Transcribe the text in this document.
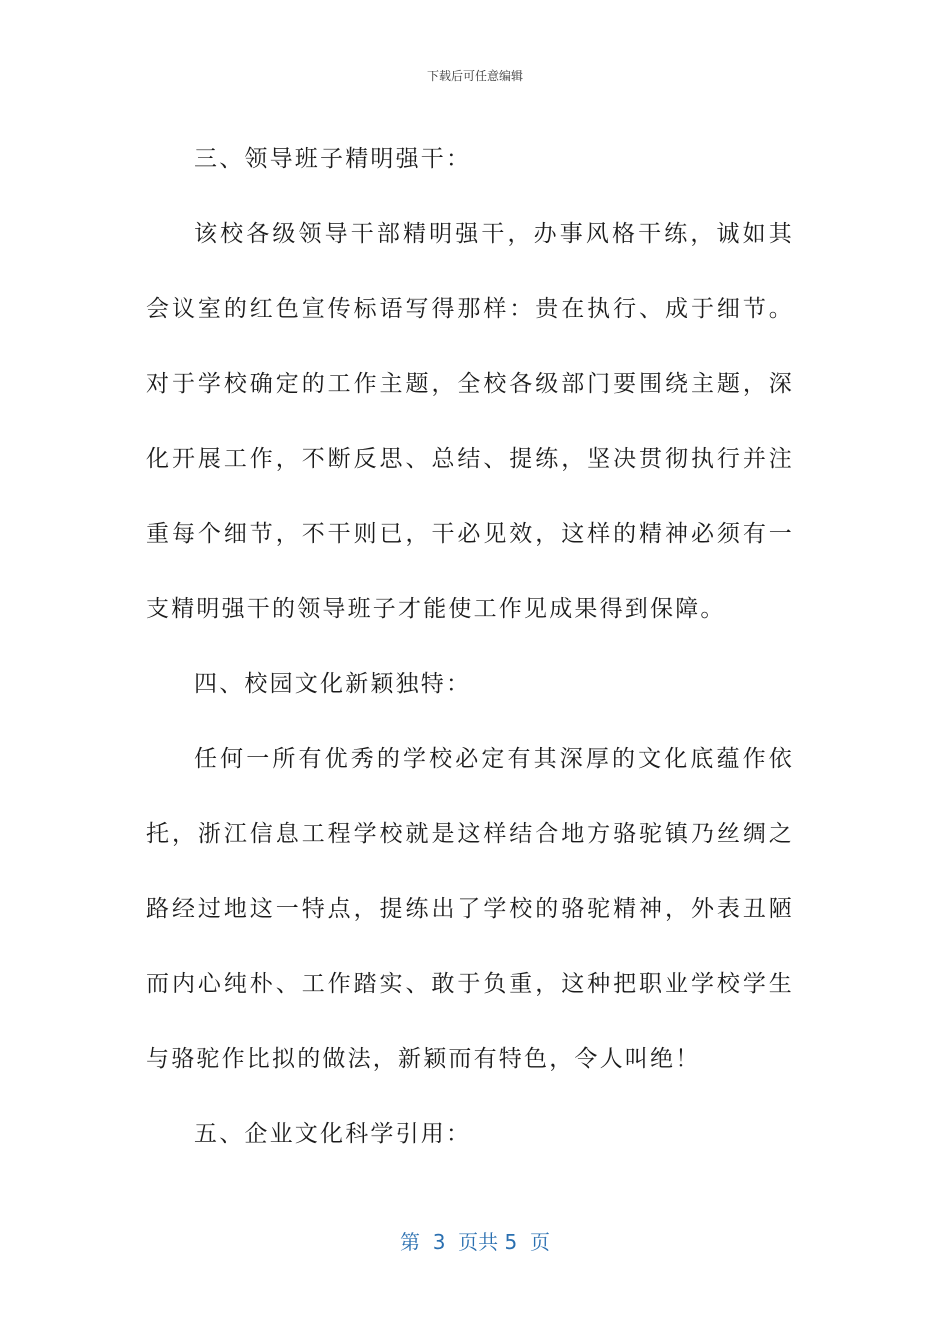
下载后可任意编辑

三、领导班子精明强干：

该校各级领导干部精明强干，办事风格干练，诚如其会议室的红色宣传标语写得那样：贵在执行、成于细节。对于学校确定的工作主题，全校各级部门要围绕主题，深化开展工作，不断反思、总结、提练，坚决贯彻执行并注重每个细节，不干则已，干必见效，这样的精神必须有一支精明强干的领导班子才能使工作见成果得到保障。

四、校园文化新颖独特：

任何一所有优秀的学校必定有其深厚的文化底蕴作依托，浙江信息工程学校就是这样结合地方骆驼镇乃丝绸之路经过地这一特点，提练出了学校的骆驼精神，外表丑陋而内心纯朴、工作踏实、敢于负重，这种把职业学校学生与骆驼作比拟的做法，新颖而有特色，令人叫绝！

五、企业文化科学引用：

第  3  页共 5  页
